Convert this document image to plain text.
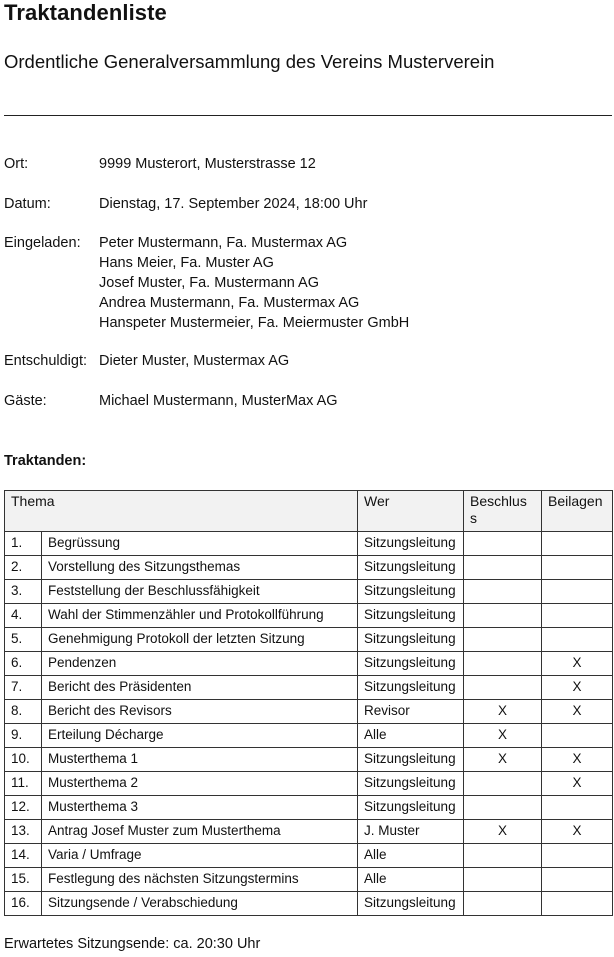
Traktandenliste
Ordentliche Generalversammlung des Vereins Musterverein
Ort:	9999 Musterort, Musterstrasse 12
Datum:	Dienstag, 17. September 2024, 18:00 Uhr
Eingeladen: Peter Mustermann, Fa. Mustermax AG
Hans Meier, Fa. Muster AG
Josef Muster, Fa. Mustermann AG
Andrea Mustermann, Fa. Mustermax AG
Hanspeter Mustermeier, Fa. Meiermuster GmbH
Entschuldigt: Dieter Muster, Mustermax AG
Gäste:	Michael Mustermann, MusterMax AG
Traktanden:
Thema		Wer	Beschlus s	Beilagen
1.	Begrüssung	Sitzungsleitung		
2.	Vorstellung des Sitzungsthemas	Sitzungsleitung		
3.	Feststellung der Beschlussfähigkeit	Sitzungsleitung		
4.	Wahl der Stimmenzähler und Protokollführung	Sitzungsleitung		
5.	Genehmigung Protokoll der letzten Sitzung	Sitzungsleitung		
6.	Pendenzen	Sitzungsleitung		X
7.	Bericht des Präsidenten	Sitzungsleitung		X
8.	Bericht des Revisors	Revisor	X	X
9.	Erteilung Décharge	Alle	X	
10.	Musterthema 1	Sitzungsleitung	X	X
11.	Musterthema 2	Sitzungsleitung		X
12.	Musterthema 3	Sitzungsleitung		
13.	Antrag Josef Muster zum Musterthema	J. Muster	X	X
14.	Varia / Umfrage	Alle		
15.	Festlegung des nächsten Sitzungstermins	Alle		
16.	Sitzungsende / Verabschiedung	Sitzungsleitung		
Erwartetes Sitzungsende: ca. 20:30 Uhr
